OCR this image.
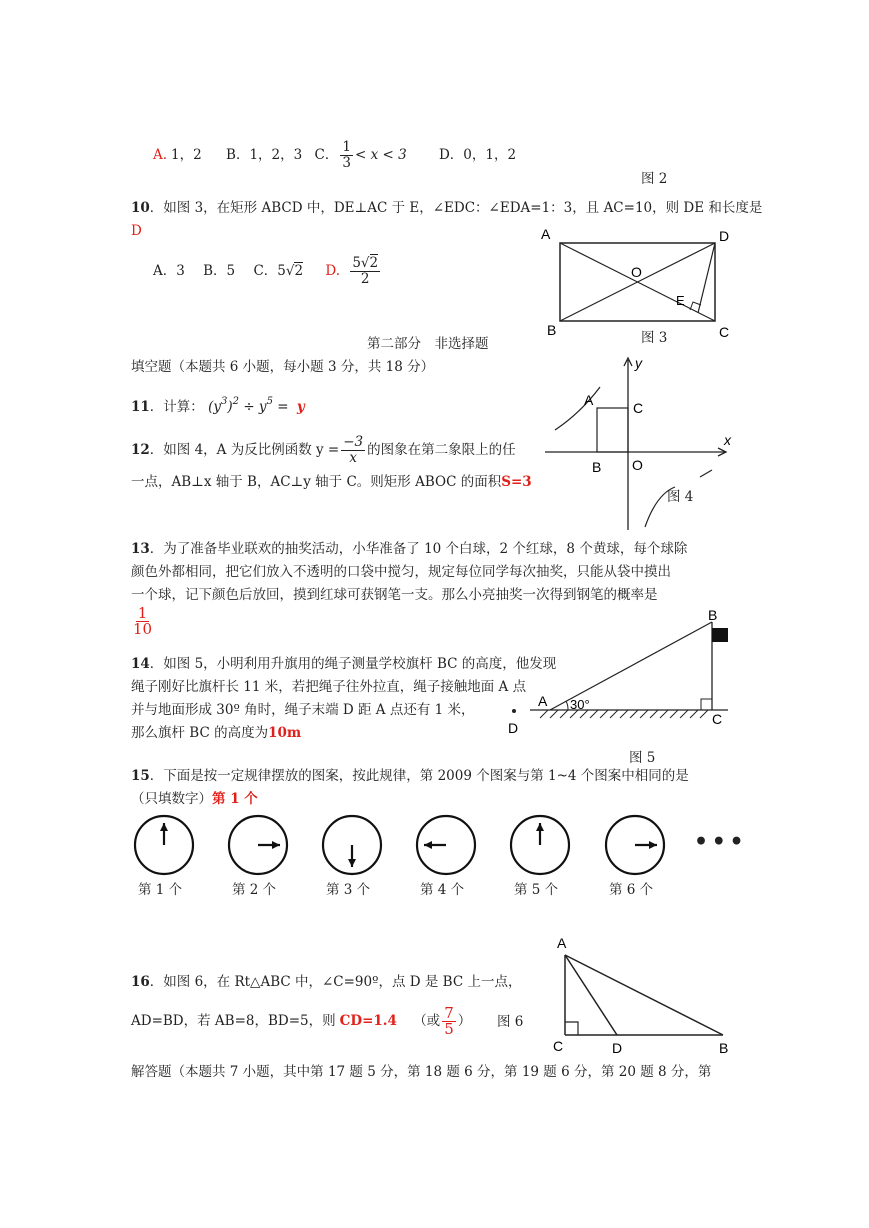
A. 1，2 B．1，2，3 C． $\frac{1}{3} < x < 3$ D．0，1，2
图 2
10．如图 3，在矩形 ABCD 中，DE⊥AC 于 E，∠EDC：∠EDA=1：3，且 AC=10，则 DE 和长度是
D
A．3 B．5 C．5√2 D. $\frac{5√2}{2}$
A	D
B	C
O
E
图 3
第二部分　非选择题
填空题（本题共 6 小题，每小题 3 分，共 18 分）
11．计算： $(y^3)^2 \div y^5 = y$
12．如图 4，A 为反比例函数 $y = \frac{-3}{x}$ 的图象在第二象限上的任
一点，AB⊥x 轴于 B，AC⊥y 轴于 C。则矩形 ABOC 的面积S=3
y
x
A	C
B O
图 4
13．为了准备毕业联欢的抽奖活动，小华准备了 10 个白球，2 个红球，8 个黄球，每个球除
颜色外都相同，把它们放入不透明的口袋中搅匀，规定每位同学每次抽奖，只能从袋中摸出
一个球，记下颜色后放回，摸到红球可获钢笔一支。那么小亮抽奖一次得到钢笔的概率是
$\frac{1}{10}$
14．如图 5，小明利用升旗用的绳子测量学校旗杆 BC 的高度，他发现
绳子刚好比旗杆长 11 米，若把绳子往外拉直，绳子接触地面 A 点
并与地面形成 30º 角时，绳子末端 D 距 A 点还有 1 米，
那么旗杆 BC 的高度为10m
B
A 30°
C
D
图 5
15．下面是按一定规律摆放的图案，按此规律，第 2009 个图案与第 1~4 个图案中相同的是
（只填数字）第 1 个
第 1 个	第 2 个	第 3 个	第 4 个	第 5 个	第 6 个
• • •
16．如图 6，在 Rt△ABC 中，∠C=90º，点 D 是 BC 上一点，
AD=BD，若 AB=8，BD=5，则 CD=1.4 （或 $\frac{7}{5}$ ） 图 6
A
C	D	B
解答题（本题共 7 小题，其中第 17 题 5 分，第 18 题 6 分，第 19 题 6 分，第 20 题 8 分，第
